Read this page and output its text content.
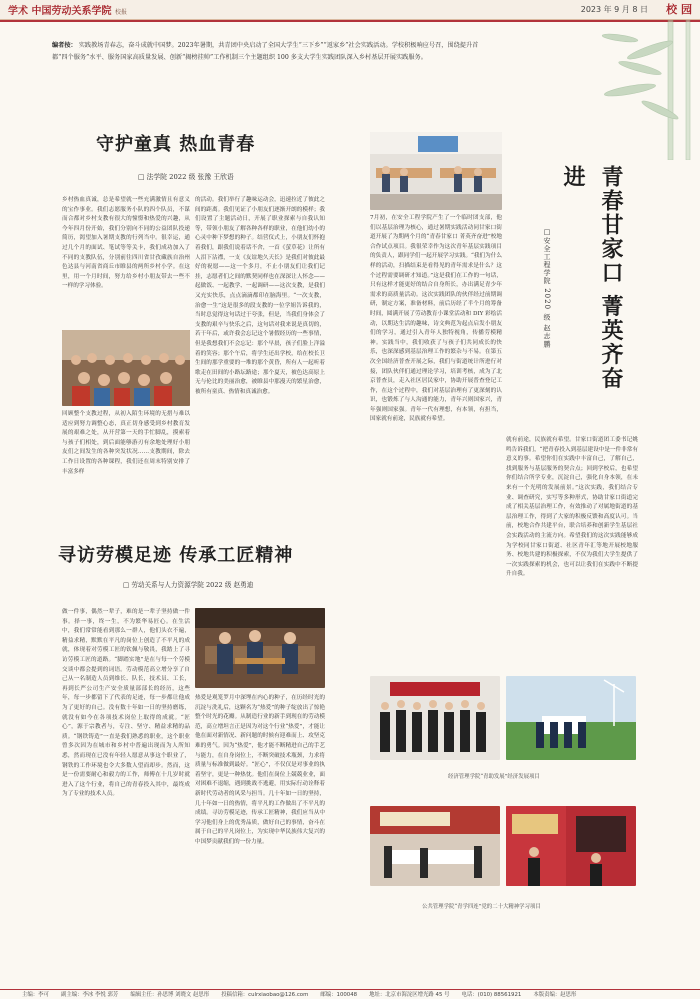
学术 中国劳动关系学院 校报	2023 年 9 月 8 日 校 园
编者按： 实践教场青春志，奋斗成就中国梦。2023年暑期，共青团中央启动了全国大学生“三下乡”“返家乡”社会实践活动。学校积极响应号召，围绕提升首都“四个服务”水平、服务国家高质量发展、创新“揭榜挂帅”工作机制三个主题组织 100 多支大学生实践团队深入乡村基层开展实践服务。
守护童真 热血青春
□ 法学院 2022 级 张豫 王欣语
乡村热血真诚，总是希望就一些充满激情且有意义的宝作事业。我们志愿服务小队的四个队员，不谋而合都对乡村支教有很大的憧憬和热爱的兴趣，从今年四月份开始，我们分别向不同的公益团队投递简历，渴望加入暑期支教的行列当中。很幸运，通过几个月的面试、笔试等等关卡，我们成功加入了不同的支教队伍，分别前往四川省甘孜藏族自治州色达县与河南省商丘市睢县的两所乡村小学。在这里，用一个月时间，努力给乡村小朋友带去一些不一样的学习体验。
回顾整个支教过程，从初入陌生环境的无措与难以适应到努力调整心态，真正切身感受到乡村教育发展的艰难之处，从开营第一天的手忙脚乱，摸索着与孩子们相处，到后面能够游刃有余地处理好小朋友们之间发生的各种突发状况……支教期间，除去工作日设置的各种课程，我们还在周末特别安排了丰富多样
的活动。我们举行了趣味运动会，迅速拉近了彼此之间的距离。我们见证了小朋友们逐渐开朗的模样；我们设置了主题活动日，开展了职业探索与自我认知等，带领小朋友了解各种各样的职业，在他们幼小的心灵中种下梦想的种子。结营仪式上，小朋友们怀抱着我们，跟我们说着话不舍，一首《萤草花》让所有人泪下沾襟，一支《友谊地久天长》是我们对彼此最好的祝愿——这一个多月，不止小朋友们让我们记挂，志愿者们之间的默契同样也在深深让人怀念——起做饭、一起教学、一起调研——这次支教，是我们又充实快乐，点点滴滴都印在脑海里。“一次支教，治愈一生”这是很多的段支教的一位学姐告诉我的，当时总觉得这句话过于夸张，但是，当我们身体会了支教的艰辛与快乐之后，这句话对我来说是真切的，若干年后，或许我会忘记这个暑假经历的一些事情，但是我想我们不会忘记：那个早晨，孩子们脸上洋溢着的笑容；那个午后，将学生还出学校，给在校长卫生间的那学重要的一堆的那个黄昏，所有人一起听着歌走在田间的小路坛路途；那个夏天，被色达高原上无与伦比的美丽治愈，被睢县中那漫天的繁星治愈，被所有童真、热情和真诚治愈。
寻访劳模足迹 传承工匠精神
□ 劳动关系与人力资源学院 2022 级 赵勇迪
做一件事，偶然一辈子，难的是一辈子坚持做一件事。择一事，终一生，不为繁华易匠心。在生活中，我们常常能看到那么一群人，他们头衣不遍，精益求精，默默在平凡的岗位上创造了不平凡的成就，体现着对劳模工匠的钦佩与敬畏，我踏上了寻访劳模工匠的道路。“脚踏实地”是在与每一个劳模交谈中都会提到的词语。劳动模范高立增分享了自己从一名制造人员到维长、队长，技术员、工长，再到长严公司生产安全质量部部长的经历，这些年，每一步都留下了代表的足迹，每一步都让他成为了更好的自己。没有数十年如一日的坚持磨练，就没有如今在各项技术岗位上取得的成就。“匠心”，源于宗教者与，专注、坚守、精益求精的品质。“钢铁铸造”一直是我们熟悉的职业，这个职业曾多次因为在城市和乡村中普遍出现而为人所知悉，然而现在已没有年轻人愿意从事这个职业了，钢铁的工作环境也令大多数人望而却步。然而，这是一份需要耐心和毅力的工作，师傅在十几岁时就进入了这个行业，将自己的青春投入其中，最终成为了专业的技术人员。
热爱是观笼罗月中深埋在内心的种子，在历经时光的沉淀与洗礼后，这颗名为“热爱”的种子绽放出了惊艳整个时光的花瓣。从制造行业的新手到现在的劳动模范，高立增坦言正是因为对这个行业“热爱”，才能让他在面对新情况、新问题的时候有迎难而上、攻坚克难的勇气。因为“热爱”，他才能不断精进自己的手艺与能力，在自身岗位上，不断突破技术瓶颈，力求将质量与标准做到最好。“匠心”，不仅仅是对事业的执着坚守，更是一种热忱。他们在岗位上兢兢业业，面对困难不退缩，遇到挑战不逃避，用实际行动诠释着新时代劳动者的风采与担当。几十年如一日的坚持，几十年如一日的热情，将平凡的工作做出了不平凡的成绩。寻访劳模足迹，传承工匠精神，我们应当从中学习他们身上的优秀品质，做好自己的事情，奋斗在属于自己的平凡岗位上，为实现中华民族伟大复兴的中国梦贡献我们的一份力量。
青春甘家口 菁英齐奋进
□安全工程学院 2020 级 赵志鹏
7月初，在安全工程学院产生了一个临时团支部，他们以基层治理为核心，通过暑期实践活动同甘家口街道开展了为期两个月的“青春甘家口 菁英齐奋进”校地合作试点项目。我很荣幸作为这次青年基层实践项目的负责人，跟同学们一起开展学习实践。“我们为什么样的活动，扫描结束是看得见的青年需求是什么？这个过程需要调研才知道。”这是我们在工作的一句话，只有这样才能更好的结合自身所长，办出满足青少年需求的高质量活动。这次实践团队的伙伴经过前期调研，制定方案，准备材料，前后历经了半个月的筹备时间，圆满开展了劳动教育小课堂活动和 DIY 彩绘活动，以期达生活的趣味，诗文典范为起点启发小朋友们的学习，通过引入青年人独特视角，传播劳模精神。实践当中，我们收获了与孩子们共同成长的快乐，也深深感到基层治理工作的繁杂与不易。在第五次全国经济普查开展之际，我们与街道统计所进行对接，团队伙伴们通过理论学习，培训考核，成为了北京普查员，走入社区居民家中，协助开展普查登记工作，在这个过程中，我们对基层治理有了更深刻的认识，也锻炼了与人沟通的能力，青年兴则国家兴，青年强则国家强。青年一代有理想，有本领，有担当，国家就有前途，民族就有希望。
就有前途，民族就有希望。甘家口街道团工委书记姚鸣告诉我们，“把青春投入到基层建设中是一件非常有意义的事。希望你们在实践中丰富自己，了解自己，找到服务与基层服务的契合点；回到学校后，也希望你们结合所学专业，沉淀自己，强化自身本领，在未来有一个光明的发展前景。”这次实践，我们结合专业、调查研究，实写等多种形式，协助甘家口街道完成了相关基层治理工作，有效推动了对属地街道的基层治理工作，得到了大家的积极反馈和高度认可。当前，校地合作共建平台，联合培养和创新学生基层社会实践活动的主流方向。希望我们的这次实践能够成为学校同甘家口街道、社区青年汇等地开展校地服务、校地共建的积极探索，不仅为我们大学生提供了一次实践探索的机会，也可以让我们在实践中不断提升自我。
经济管理学院“青助发展”经济发展项目
公共管理学院“青学四连”党的二十大精神学习项目
主编：李可 副主编：李冰 李悦 郭芳 编辑主任：孙思博 刘晓文 赵思彤 投稿信箱：culrxiaobao@126.com 邮编：100048 地址：北京市海淀区增光路 45 号 电话：(010) 88561921 本版责编：赵思彤
